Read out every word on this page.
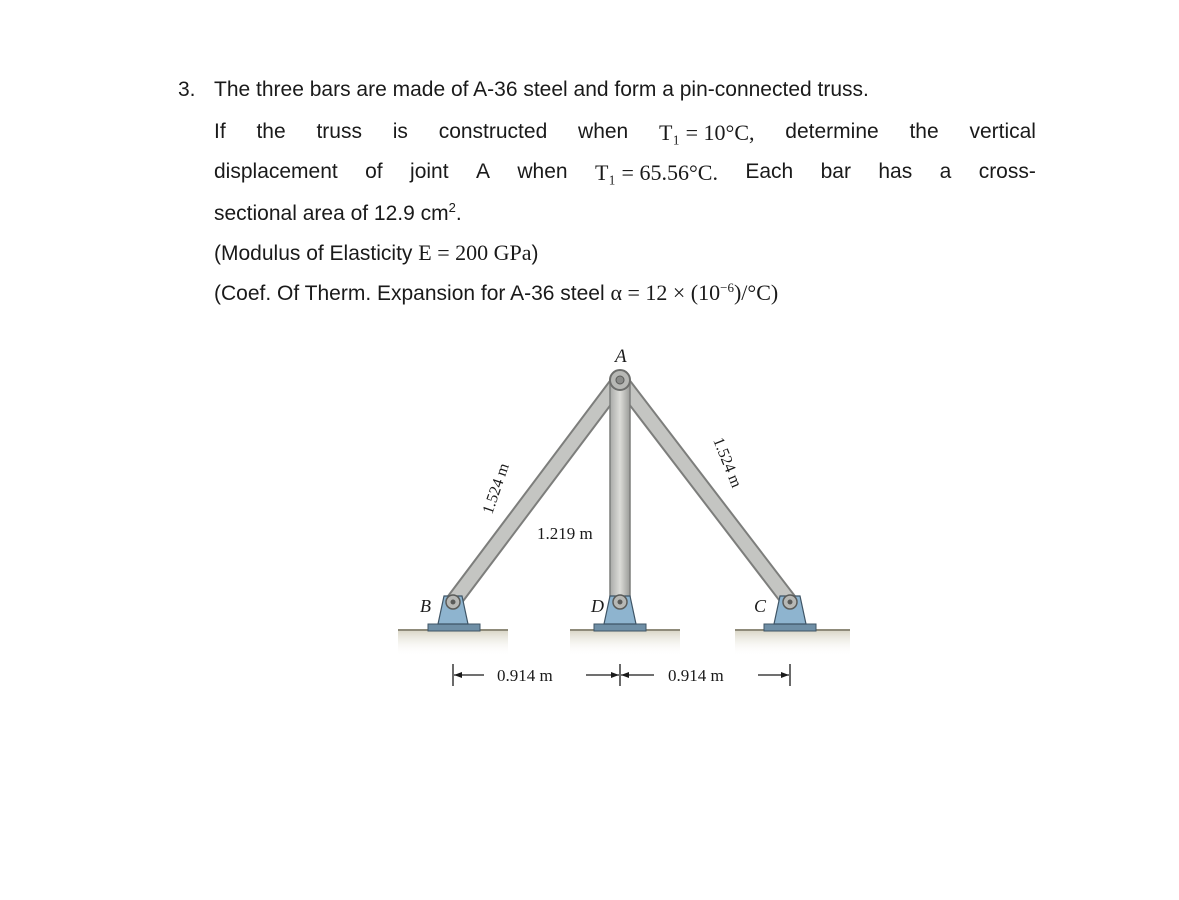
3. The three bars are made of A-36 steel and form a pin-connected truss.
If the truss is constructed when T₁ = 10°C, determine the vertical
displacement of joint A when T₁ = 65.56°C. Each bar has a cross-
sectional area of 12.9 $cm^2$.
(Modulus of Elasticity E = 200 GPa)
(Coef. Of Therm. Expansion for A-36 steel $\alpha = 12 \times (10^{-6})/^\circ C$)
A
B	D	C
1.524 m	1.524 m
1.219 m
0.914 m	0.914 m
